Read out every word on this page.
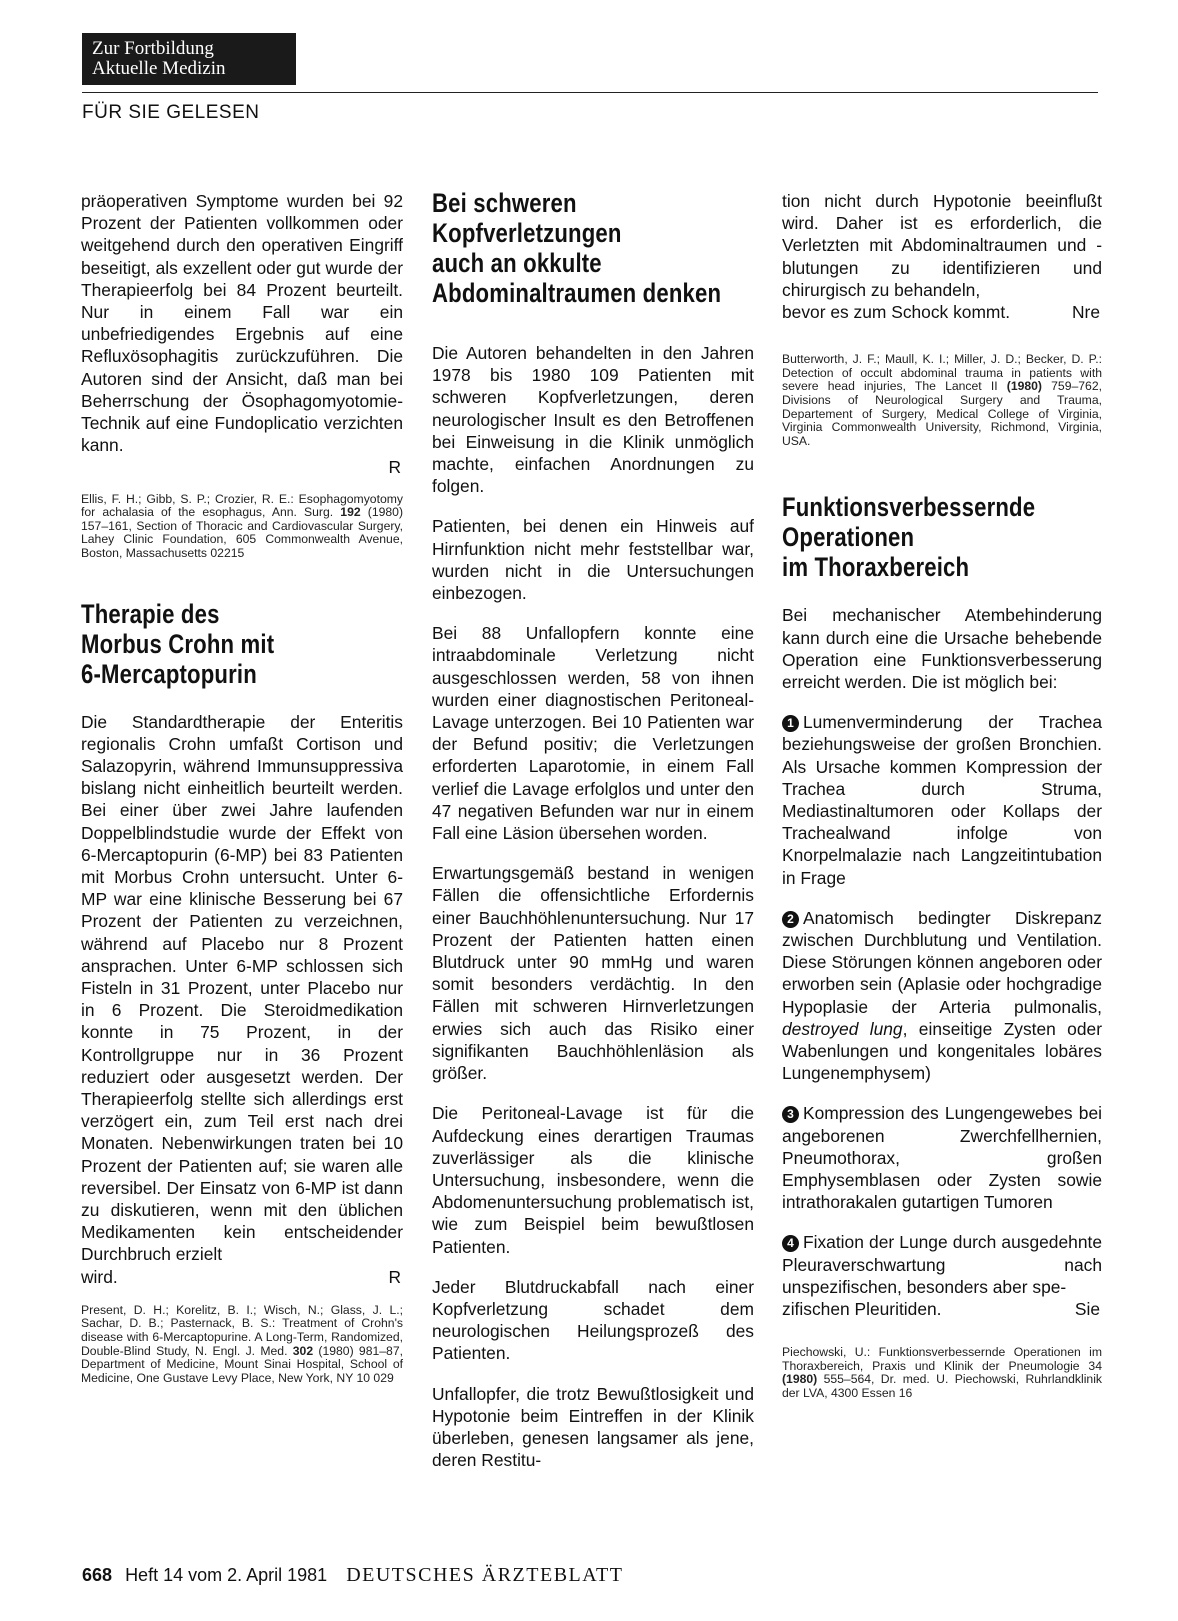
Zur Fortbildung
Aktuelle Medizin
FÜR SIE GELESEN

präoperativen Symptome wurden bei 92 Prozent der Patienten vollkommen oder weitgehend durch den operativen Eingriff beseitigt, als exzellent oder gut wurde der Therapieerfolg bei 84 Prozent beurteilt. Nur in einem Fall war ein unbefriedigendes Ergebnis auf eine Refluxösophagitis zurückzuführen. Die Autoren sind der Ansicht, daß man bei Beherrschung der Ösophagomyotomie-Technik auf eine Fundoplicatio verzichten kann.

R

Ellis, F. H.; Gibb, S. P.; Crozier, R. E.: Esophagomyotomy for achalasia of the esophagus, Ann. Surg. 192 (1980) 157–161, Section of Thoracic and Cardiovascular Surgery, Lahey Clinic Foundation, 605 Commonwealth Avenue, Boston, Massachusetts 02215

Therapie des
Morbus Crohn mit
6-Mercaptopurin

Die Standardtherapie der Enteritis regionalis Crohn umfaßt Cortison und Salazopyrin, während Immunsuppressiva bislang nicht einheitlich beurteilt werden. Bei einer über zwei Jahre laufenden Doppelblindstudie wurde der Effekt von 6-Mercaptopurin (6-MP) bei 83 Patienten mit Morbus Crohn untersucht. Unter 6-MP war eine klinische Besserung bei 67 Prozent der Patienten zu verzeichnen, während auf Placebo nur 8 Prozent ansprachen. Unter 6-MP schlossen sich Fisteln in 31 Prozent, unter Placebo nur in 6 Prozent. Die Steroidmedikation konnte in 75 Prozent, in der Kontrollgruppe nur in 36 Prozent reduziert oder ausgesetzt werden. Der Therapieerfolg stellte sich allerdings erst verzögert ein, zum Teil erst nach drei Monaten. Nebenwirkungen traten bei 10 Prozent der Patienten auf; sie waren alle reversibel. Der Einsatz von 6-MP ist dann zu diskutieren, wenn mit den üblichen Medikamenten kein entscheidender Durchbruch erzielt

wird.	R

Present, D. H.; Korelitz, B. I.; Wisch, N.; Glass, J. L.; Sachar, D. B.; Pasternack, B. S.: Treatment of Crohn's disease with 6-Mercaptopurine. A Long-Term, Randomized, Double-Blind Study, N. Engl. J. Med. 302 (1980) 981–87, Department of Medicine, Mount Sinai Hospital, School of Medicine, One Gustave Levy Place, New York, NY 10 029

Bei schweren
Kopfverletzungen
auch an okkulte
Abdominaltraumen denken

Die Autoren behandelten in den Jahren 1978 bis 1980 109 Patienten mit schweren Kopfverletzungen, deren neurologischer Insult es den Betroffenen bei Einweisung in die Klinik unmöglich machte, einfachen Anordnungen zu folgen.

Patienten, bei denen ein Hinweis auf Hirnfunktion nicht mehr feststellbar war, wurden nicht in die Untersuchungen einbezogen.

Bei 88 Unfallopfern konnte eine intraabdominale Verletzung nicht ausgeschlossen werden, 58 von ihnen wurden einer diagnostischen Peritoneal-Lavage unterzogen. Bei 10 Patienten war der Befund positiv; die Verletzungen erforderten Laparotomie, in einem Fall verlief die Lavage erfolglos und unter den 47 negativen Befunden war nur in einem Fall eine Läsion übersehen worden.

Erwartungsgemäß bestand in wenigen Fällen die offensichtliche Erfordernis einer Bauchhöhlenuntersuchung. Nur 17 Prozent der Patienten hatten einen Blutdruck unter 90 mmHg und waren somit besonders verdächtig. In den Fällen mit schweren Hirnverletzungen erwies sich auch das Risiko einer signifikanten Bauchhöhlenläsion als größer.

Die Peritoneal-Lavage ist für die Aufdeckung eines derartigen Traumas zuverlässiger als die klinische Untersuchung, insbesondere, wenn die Abdomenuntersuchung problematisch ist, wie zum Beispiel beim bewußtlosen Patienten.

Jeder Blutdruckabfall nach einer Kopfverletzung schadet dem neurologischen Heilungsprozeß des Patienten.

Unfallopfer, die trotz Bewußtlosigkeit und Hypotonie beim Eintreffen in der Klinik überleben, genesen langsamer als jene, deren Restitu-

tion nicht durch Hypotonie beeinflußt wird. Daher ist es erforderlich, die Verletzten mit Abdominaltraumen und -blutungen zu identifizieren und chirurgisch zu behandeln,

bevor es zum Schock kommt.	Nre

Butterworth, J. F.; Maull, K. I.; Miller, J. D.; Becker, D. P.: Detection of occult abdominal trauma in patients with severe head injuries, The Lancet II (1980) 759–762, Divisions of Neurological Surgery and Trauma, Departement of Surgery, Medical College of Virginia, Virginia Commonwealth University, Richmond, Virginia, USA.

Funktionsverbessernde
Operationen
im Thoraxbereich

Bei mechanischer Atembehinderung kann durch eine die Ursache behebende Operation eine Funktionsverbesserung erreicht werden. Die ist möglich bei:

1 Lumenverminderung der Trachea beziehungsweise der großen Bronchien. Als Ursache kommen Kompression der Trachea durch Struma, Mediastinaltumoren oder Kollaps der Trachealwand infolge von Knorpelmalazie nach Langzeitintubation in Frage

2 Anatomisch bedingter Diskrepanz zwischen Durchblutung und Ventilation. Diese Störungen können angeboren oder erworben sein (Aplasie oder hochgradige Hypoplasie der Arteria pulmonalis, destroyed lung, einseitige Zysten oder Wabenlungen und kongenitales lobäres Lungenemphysem)

3 Kompression des Lungengewebes bei angeborenen Zwerchfellhernien, Pneumothorax, großen Emphysemblasen oder Zysten sowie intrathorakalen gutartigen Tumoren

4 Fixation der Lunge durch ausgedehnte Pleuraverschwartung nach unspezifischen, besonders aber spe-

zifischen Pleuritiden.	Sie

Piechowski, U.: Funktionsverbessernde Operationen im Thoraxbereich, Praxis und Klinik der Pneumologie 34 (1980) 555–564, Dr. med. U. Piechowski, Ruhrlandklinik der LVA, 4300 Essen 16

668 Heft 14 vom 2. April 1981 DEUTSCHES ÄRZTEBLATT
